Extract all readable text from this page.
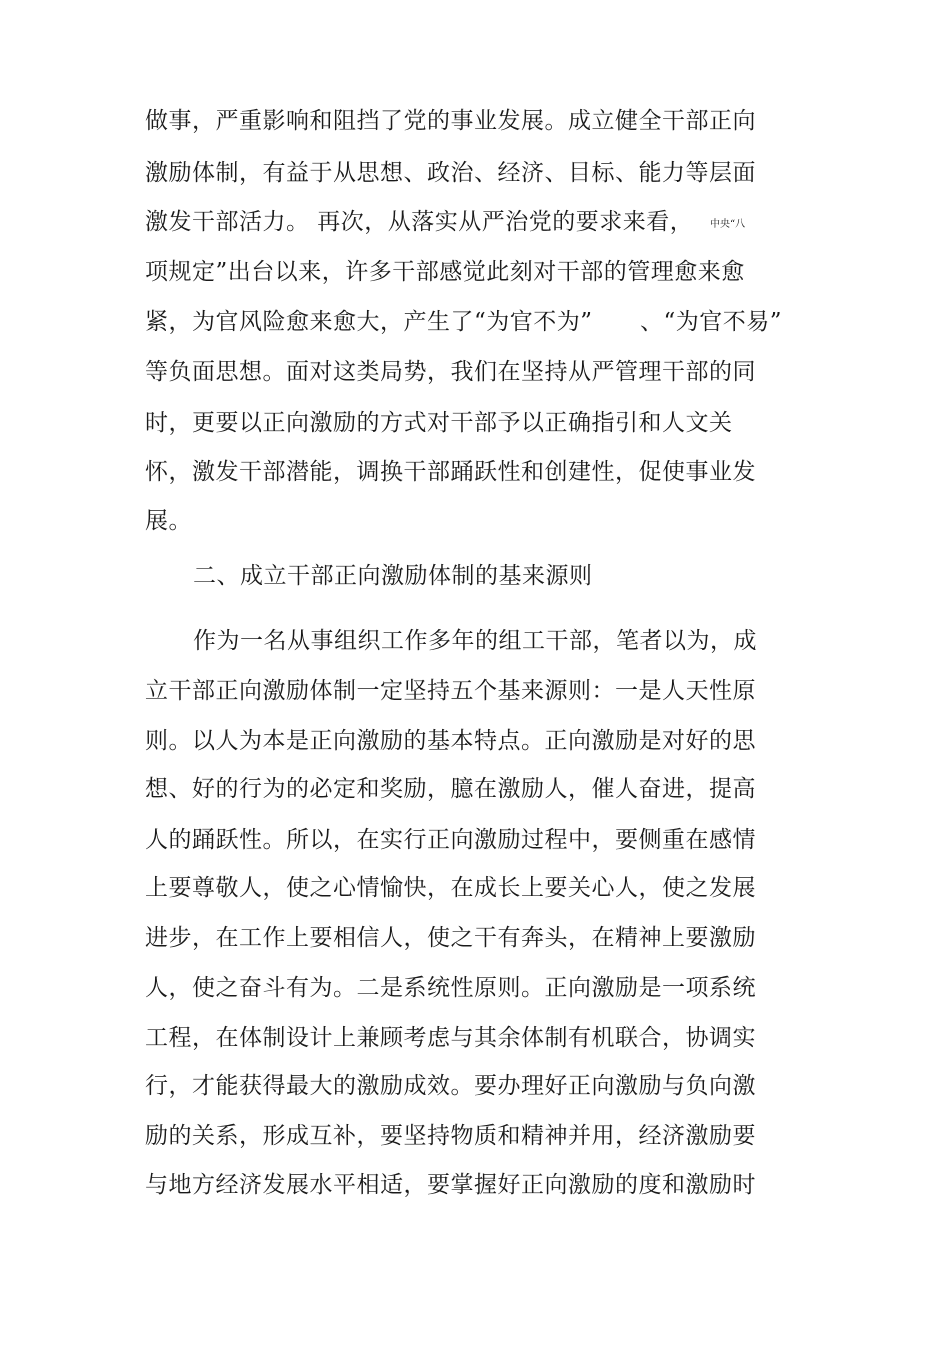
做事，严重影响和阻挡了党的事业发展。成立健全干部正向
激励体制，有益于从思想、政治、经济、目标、能力等层面
激发干部活力。 再次，从落实从严治党的要求来看， 中央“八
项规定”出台以来，许多干部感觉此刻对干部的管理愈来愈
紧，为官风险愈来愈大，产生了“为官不为” 、“为官不易”
等负面思想。面对这类局势，我们在坚持从严管理干部的同
时，更要以正向激励的方式对干部予以正确指引和人文关
怀，激发干部潜能，调换干部踊跃性和创建性，促使事业发
展。
二、成立干部正向激励体制的基来源则
作为一名从事组织工作多年的组工干部，笔者以为，成
立干部正向激励体制一定坚持五个基来源则：一是人天性原
则。以人为本是正向激励的基本特点。正向激励是对好的思
想、好的行为的必定和奖励，臆在激励人，催人奋进，提高
人的踊跃性。所以，在实行正向激励过程中，要侧重在感情
上要尊敬人，使之心情愉快，在成长上要关心人，使之发展
进步，在工作上要相信人，使之干有奔头，在精神上要激励
人，使之奋斗有为。二是系统性原则。正向激励是一项系统
工程，在体制设计上兼顾考虑与其余体制有机联合，协调实
行，才能获得最大的激励成效。要办理好正向激励与负向激
励的关系，形成互补，要坚持物质和精神并用，经济激励要
与地方经济发展水平相适，要掌握好正向激励的度和激励时
